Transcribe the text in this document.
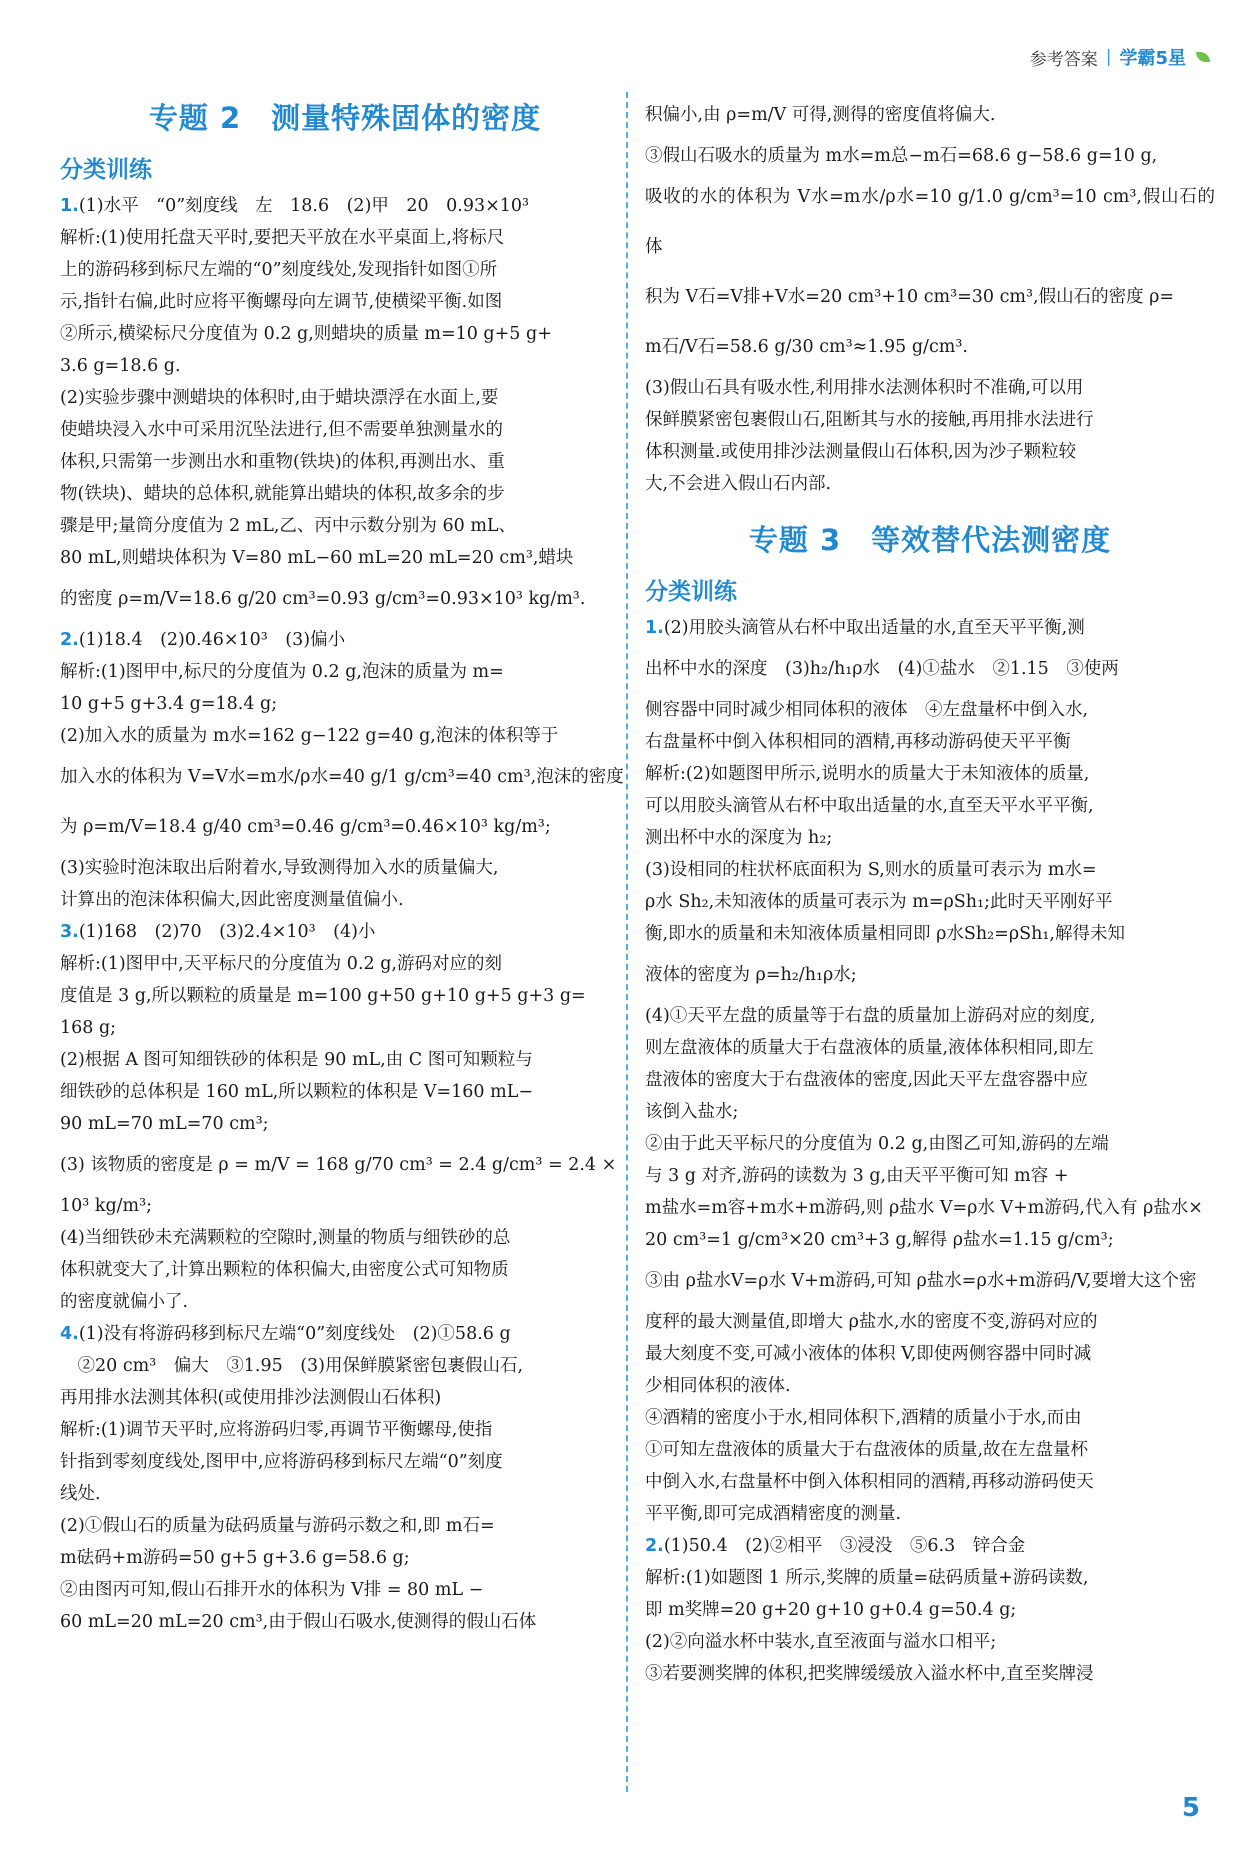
参考答案 | 学霸5星
专题 2　测量特殊固体的密度
分类训练

1.(1)水平　“0”刻度线　左　18.6　(2)甲　20　0.93×10³

解析:(1)使用托盘天平时,要把天平放在水平桌面上,将标尺

上的游码移到标尺左端的“0”刻度线处,发现指针如图①所

示,指针右偏,此时应将平衡螺母向左调节,使横梁平衡.如图

②所示,横梁标尺分度值为 0.2 g,则蜡块的质量 m=10 g+5 g+

3.6 g=18.6 g.

(2)实验步骤中测蜡块的体积时,由于蜡块漂浮在水面上,要

使蜡块浸入水中可采用沉坠法进行,但不需要单独测量水的

体积,只需第一步测出水和重物(铁块)的体积,再测出水、重

物(铁块)、蜡块的总体积,就能算出蜡块的体积,故多余的步

骤是甲;量筒分度值为 2 mL,乙、丙中示数分别为 60 mL、

80 mL,则蜡块体积为 V=80 mL−60 mL=20 mL=20 cm³,蜡块

的密度 ρ=m/V=18.6 g/20 cm³=0.93 g/cm³=0.93×10³ kg/m³.

2.(1)18.4　(2)0.46×10³　(3)偏小

解析:(1)图甲中,标尺的分度值为 0.2 g,泡沫的质量为 m=

10 g+5 g+3.4 g=18.4 g;

(2)加入水的质量为 m水=162 g−122 g=40 g,泡沫的体积等于

加入水的体积为 V=V水=m水/ρ水=40 g/1 g/cm³=40 cm³,泡沫的密度

为 ρ=m/V=18.4 g/40 cm³=0.46 g/cm³=0.46×10³ kg/m³;

(3)实验时泡沫取出后附着水,导致测得加入水的质量偏大,

计算出的泡沫体积偏大,因此密度测量值偏小.

3.(1)168　(2)70　(3)2.4×10³　(4)小

解析:(1)图甲中,天平标尺的分度值为 0.2 g,游码对应的刻

度值是 3 g,所以颗粒的质量是 m=100 g+50 g+10 g+5 g+3 g=

168 g;

(2)根据 A 图可知细铁砂的体积是 90 mL,由 C 图可知颗粒与

细铁砂的总体积是 160 mL,所以颗粒的体积是 V=160 mL−

90 mL=70 mL=70 cm³;

(3) 该物质的密度是 ρ = m/V = 168 g/70 cm³ = 2.4 g/cm³ = 2.4 ×

10³ kg/m³;

(4)当细铁砂未充满颗粒的空隙时,测量的物质与细铁砂的总

体积就变大了,计算出颗粒的体积偏大,由密度公式可知物质

的密度就偏小了.

4.(1)没有将游码移到标尺左端“0”刻度线处　(2)①58.6 g

　②20 cm³　偏大　③1.95　(3)用保鲜膜紧密包裹假山石,

再用排水法测其体积(或使用排沙法测假山石体积)

解析:(1)调节天平时,应将游码归零,再调节平衡螺母,使指

针指到零刻度线处,图甲中,应将游码移到标尺左端“0”刻度

线处.

(2)①假山石的质量为砝码质量与游码示数之和,即 m石=

m砝码+m游码=50 g+5 g+3.6 g=58.6 g;

②由图丙可知,假山石排开水的体积为 V排 = 80 mL −

60 mL=20 mL=20 cm³,由于假山石吸水,使测得的假山石体

积偏小,由 ρ=m/V 可得,测得的密度值将偏大.

③假山石吸水的质量为 m水=m总−m石=68.6 g−58.6 g=10 g,

吸收的水的体积为 V水=m水/ρ水=10 g/1.0 g/cm³=10 cm³,假山石的体

积为 V石=V排+V水=20 cm³+10 cm³=30 cm³,假山石的密度 ρ=

m石/V石=58.6 g/30 cm³≈1.95 g/cm³.

(3)假山石具有吸水性,利用排水法测体积时不准确,可以用

保鲜膜紧密包裹假山石,阻断其与水的接触,再用排水法进行

体积测量.或使用排沙法测量假山石体积,因为沙子颗粒较

大,不会进入假山石内部.

专题 3　等效替代法测密度
分类训练

1.(2)用胶头滴管从右杯中取出适量的水,直至天平平衡,测

出杯中水的深度　(3)h₂/h₁ρ水　(4)①盐水　②1.15　③使两

侧容器中同时减少相同体积的液体　④左盘量杯中倒入水,

右盘量杯中倒入体积相同的酒精,再移动游码使天平平衡

解析:(2)如题图甲所示,说明水的质量大于未知液体的质量,

可以用胶头滴管从右杯中取出适量的水,直至天平水平平衡,

测出杯中水的深度为 h₂;

(3)设相同的柱状杯底面积为 S,则水的质量可表示为 m水=

ρ水 Sh₂,未知液体的质量可表示为 m=ρSh₁;此时天平刚好平

衡,即水的质量和未知液体质量相同即 ρ水Sh₂=ρSh₁,解得未知

液体的密度为 ρ=h₂/h₁ρ水;

(4)①天平左盘的质量等于右盘的质量加上游码对应的刻度,

则左盘液体的质量大于右盘液体的质量,液体体积相同,即左

盘液体的密度大于右盘液体的密度,因此天平左盘容器中应

该倒入盐水;

②由于此天平标尺的分度值为 0.2 g,由图乙可知,游码的左端

与 3 g 对齐,游码的读数为 3 g,由天平平衡可知 m容 +

m盐水=m容+m水+m游码,则 ρ盐水 V=ρ水 V+m游码,代入有 ρ盐水×

20 cm³=1 g/cm³×20 cm³+3 g,解得 ρ盐水=1.15 g/cm³;

③由 ρ盐水V=ρ水 V+m游码,可知 ρ盐水=ρ水+m游码/V,要增大这个密

度秤的最大测量值,即增大 ρ盐水,水的密度不变,游码对应的

最大刻度不变,可减小液体的体积 V,即使两侧容器中同时减

少相同体积的液体.

④酒精的密度小于水,相同体积下,酒精的质量小于水,而由

①可知左盘液体的质量大于右盘液体的质量,故在左盘量杯

中倒入水,右盘量杯中倒入体积相同的酒精,再移动游码使天

平平衡,即可完成酒精密度的测量.

2.(1)50.4　(2)②相平　③浸没　⑤6.3　锌合金

解析:(1)如题图 1 所示,奖牌的质量=砝码质量+游码读数,

即 m奖牌=20 g+20 g+10 g+0.4 g=50.4 g;

(2)②向溢水杯中装水,直至液面与溢水口相平;

③若要测奖牌的体积,把奖牌缓缓放入溢水杯中,直至奖牌浸

5
